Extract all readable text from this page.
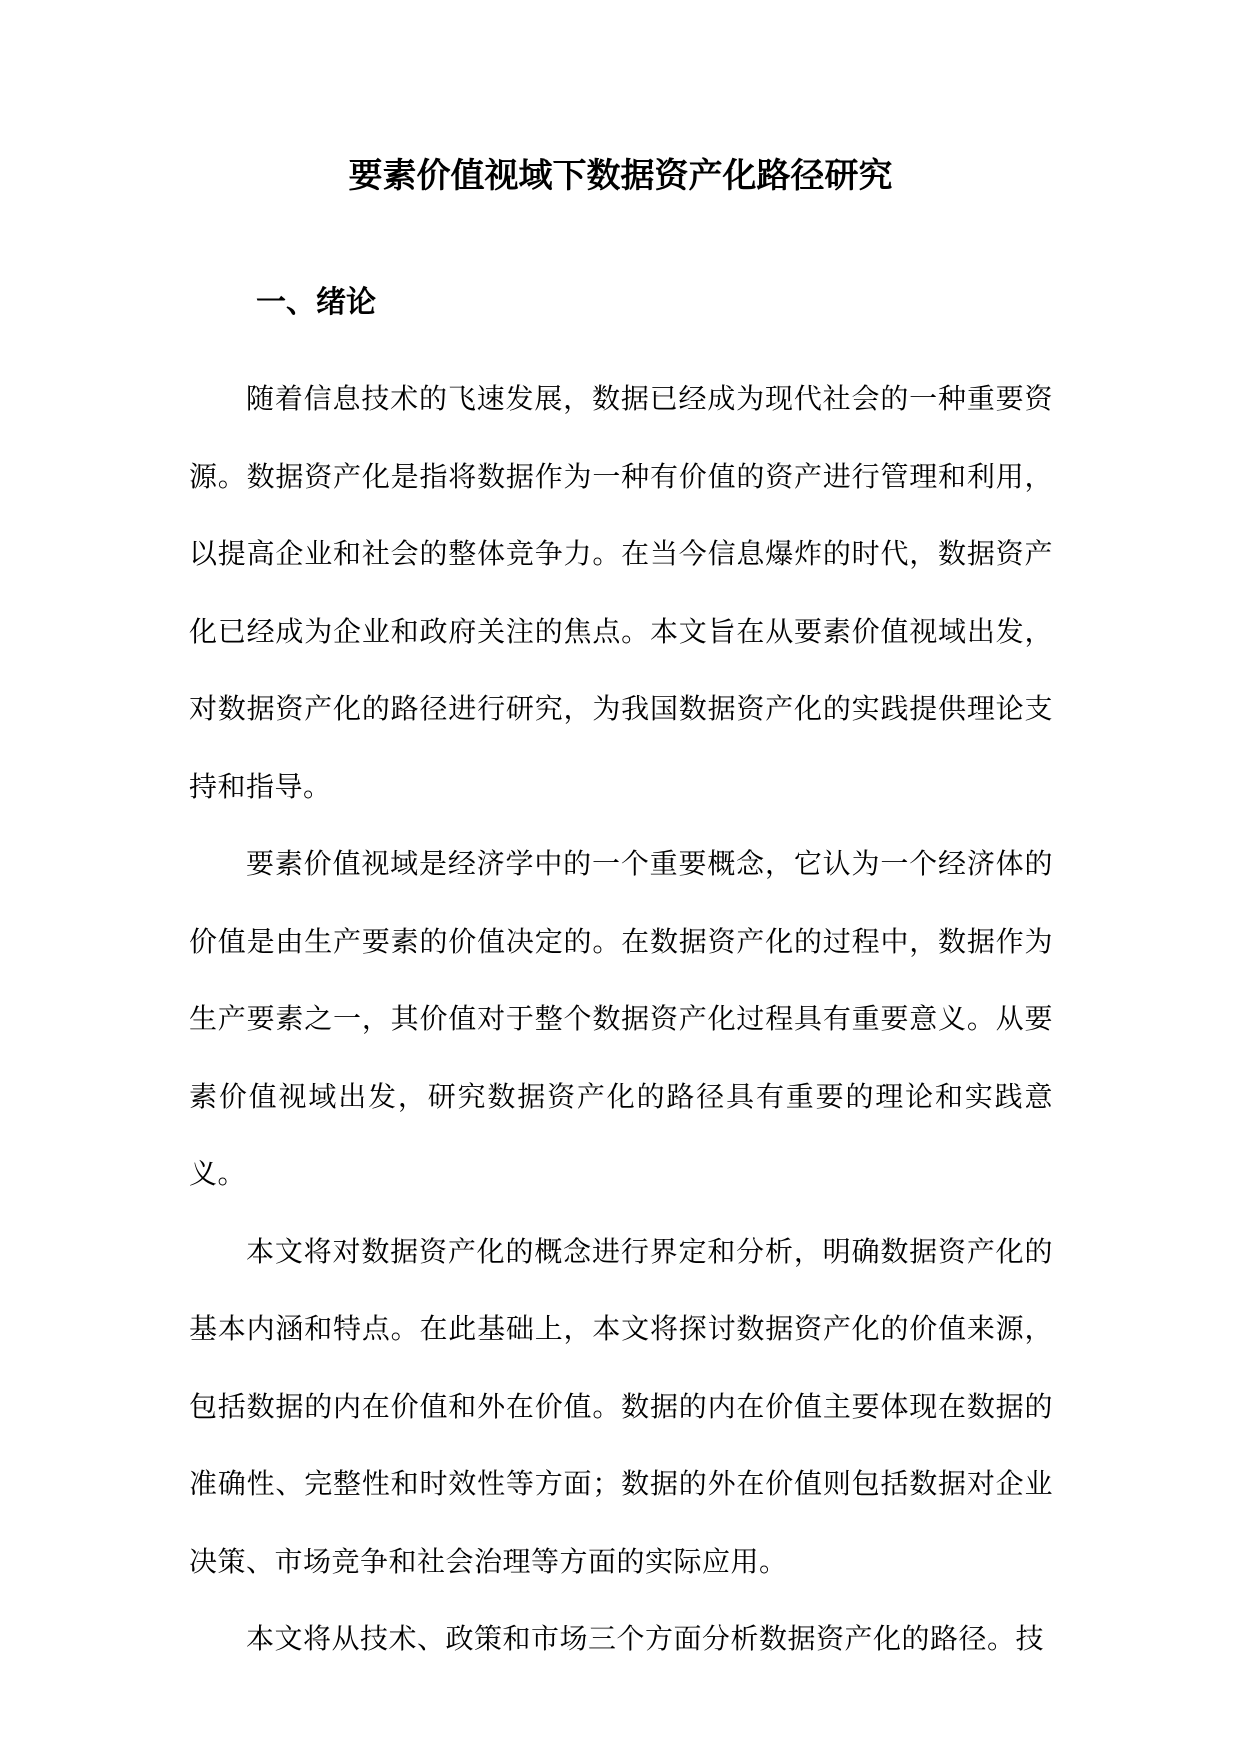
要素价值视域下数据资产化路径研究
一、绪论

随着信息技术的飞速发展，数据已经成为现代社会的一种重要资源。数据资产化是指将数据作为一种有价值的资产进行管理和利用，以提高企业和社会的整体竞争力。在当今信息爆炸的时代，数据资产化已经成为企业和政府关注的焦点。本文旨在从要素价值视域出发，对数据资产化的路径进行研究，为我国数据资产化的实践提供理论支持和指导。

要素价值视域是经济学中的一个重要概念，它认为一个经济体的价值是由生产要素的价值决定的。在数据资产化的过程中，数据作为生产要素之一，其价值对于整个数据资产化过程具有重要意义。从要素价值视域出发，研究数据资产化的路径具有重要的理论和实践意义。

本文将对数据资产化的概念进行界定和分析，明确数据资产化的基本内涵和特点。在此基础上，本文将探讨数据资产化的价值来源，包括数据的内在价值和外在价值。数据的内在价值主要体现在数据的准确性、完整性和时效性等方面；数据的外在价值则包括数据对企业决策、市场竞争和社会治理等方面的实际应用。

本文将从技术、政策和市场三个方面分析数据资产化的路径。技
